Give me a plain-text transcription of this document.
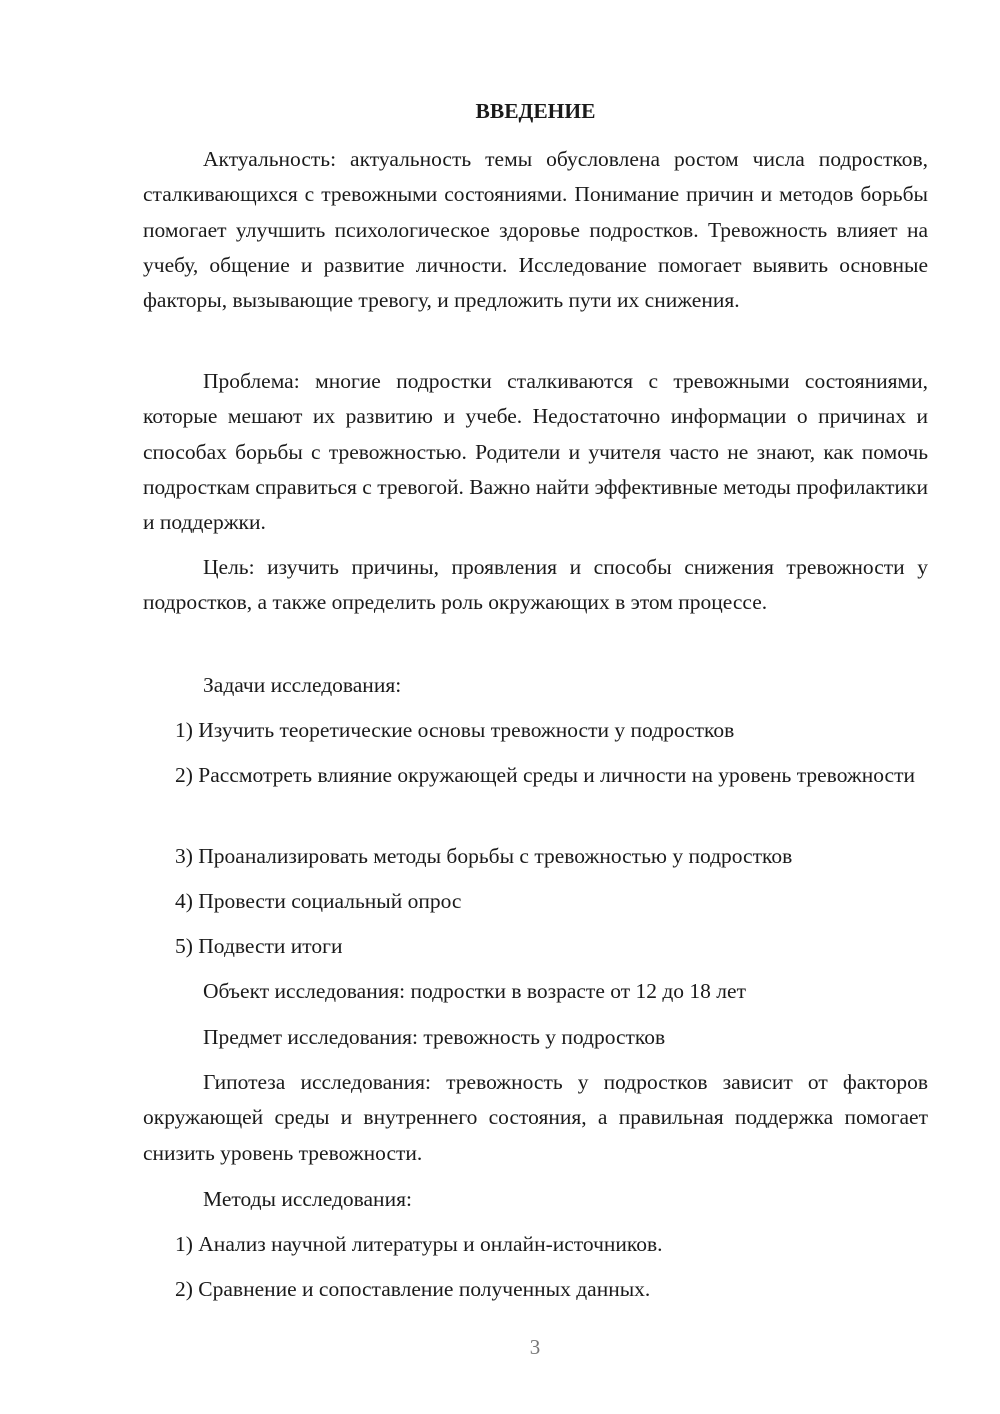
ВВЕДЕНИЕ

Актуальность: актуальность темы обусловлена ростом числа подростков, сталкивающихся с тревожными состояниями. Понимание причин и методов борьбы помогает улучшить психологическое здоровье подростков. Тревожность влияет на учебу, общение и развитие личности. Исследование помогает выявить основные факторы, вызывающие тревогу, и предложить пути их снижения.

Проблема: многие подростки сталкиваются с тревожными состояниями, которые мешают их развитию и учебе. Недостаточно информации о причинах и способах борьбы с тревожностью. Родители и учителя часто не знают, как помочь подросткам справиться с тревогой. Важно найти эффективные методы профилактики и поддержки.

Цель: изучить причины, проявления и способы снижения тревожности у подростков, а также определить роль окружающих в этом процессе.

Задачи исследования:

1) Изучить теоретические основы тревожности у подростков

2) Рассмотреть влияние окружающей среды и личности на уровень тревожности

3) Проанализировать методы борьбы с тревожностью у подростков

4) Провести социальный опрос

5) Подвести итоги

Объект исследования: подростки в возрасте от 12 до 18 лет

Предмет исследования: тревожность у подростков

Гипотеза исследования: тревожность у подростков зависит от факторов окружающей среды и внутреннего состояния, а правильная поддержка помогает снизить уровень тревожности.

Методы исследования:

1) Анализ научной литературы и онлайн-источников.

2) Сравнение и сопоставление полученных данных.

3
